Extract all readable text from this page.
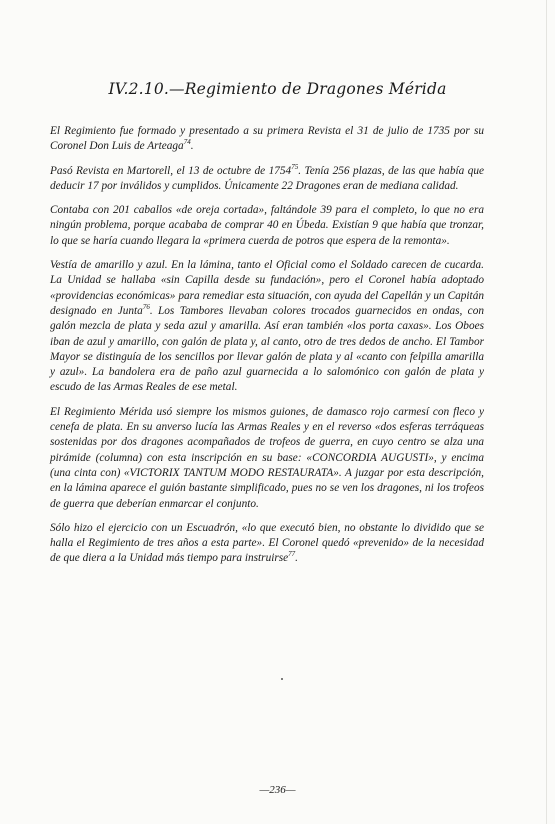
IV.2.10.—Regimiento de Dragones Mérida

El Regimiento fue formado y presentado a su primera Revista el 31 de julio de 1735 por su Coronel Don Luis de Arteaga$^{74}$.

Pasó Revista en Martorell, el 13 de octubre de 1754$^{75}$. Tenía 256 plazas, de las que había que deducir 17 por inválidos y cumplidos. Únicamente 22 Dragones eran de mediana calidad.

Contaba con 201 caballos «de oreja cortada», faltándole 39 para el completo, lo que no era ningún problema, porque acababa de comprar 40 en Úbeda. Existían 9 que había que tronzar, lo que se haría cuando llegara la «primera cuerda de potros que espera de la remonta».

Vestía de amarillo y azul. En la lámina, tanto el Oficial como el Soldado carecen de cucarda. La Unidad se hallaba «sin Capilla desde su fundación», pero el Coronel había adoptado «providencias económicas» para remediar esta situación, con ayuda del Capellán y un Capitán designado en Junta$^{76}$. Los Tambores llevaban colores trocados guarnecidos en ondas, con galón mezcla de plata y seda azul y amarilla. Así eran también «los porta caxas». Los Oboes iban de azul y amarillo, con galón de plata y, al canto, otro de tres dedos de ancho. El Tambor Mayor se distinguía de los sencillos por llevar galón de plata y al «canto con felpilla amarilla y azul». La bandolera era de paño azul guarnecida a lo salomónico con galón de plata y escudo de las Armas Reales de ese metal.

El Regimiento Mérida usó siempre los mismos guiones, de damasco rojo carmesí con fleco y cenefa de plata. En su anverso lucía las Armas Reales y en el reverso «dos esferas terráqueas sostenidas por dos dragones acompañados de trofeos de guerra, en cuyo centro se alza una pirámide (columna) con esta inscripción en su base: «CONCORDIA AUGUSTI», y encima (una cinta con) «VICTORIX TANTUM MODO RESTAURATA». A juzgar por esta descripción, en la lámina aparece el guión bastante simplificado, pues no se ven los dragones, ni los trofeos de guerra que deberían enmarcar el conjunto.

Sólo hizo el ejercicio con un Escuadrón, «lo que executó bien, no obstante lo dividido que se halla el Regimiento de tres años a esta parte». El Coronel quedó «prevenido» de la necesidad de que diera a la Unidad más tiempo para instruirse$^{77}$.

—236—
